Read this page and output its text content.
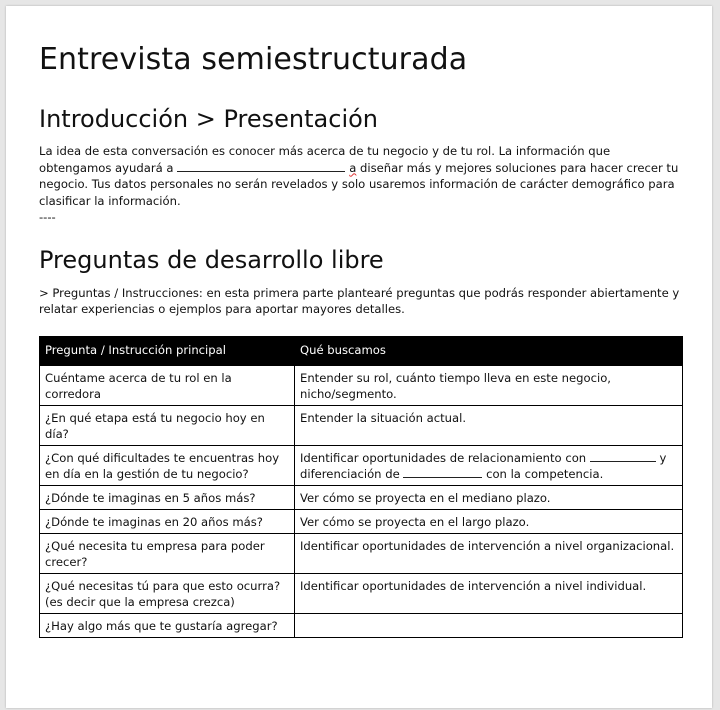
Entrevista semiestructurada
Introducción > Presentación

La idea de esta conversación es conocer más acerca de tu negocio y de tu rol. La información que obtengamos ayudará a	a diseñar más y mejores soluciones para hacer crecer tu negocio. Tus datos personales no serán revelados y solo usaremos información de carácter demográfico para clasificar la información.
----

Preguntas de desarrollo libre

> Preguntas / Instrucciones: en esta primera parte plantearé preguntas que podrás responder abiertamente y relatar experiencias o ejemplos para aportar mayores detalles.

Pregunta / Instrucción principal	Qué buscamos
Cuéntame acerca de tu rol en la corredora	Entender su rol, cuánto tiempo lleva en este negocio, nicho/segmento.
¿En qué etapa está tu negocio hoy en día?	Entender la situación actual.
¿Con qué dificultades te encuentras hoy en día en la gestión de tu negocio?	Identificar oportunidades de relacionamiento con y diferenciación de con la competencia.
¿Dónde te imaginas en 5 años más?	Ver cómo se proyecta en el mediano plazo.
¿Dónde te imaginas en 20 años más?	Ver cómo se proyecta en el largo plazo.
¿Qué necesita tu empresa para poder crecer?	Identificar oportunidades de intervención a nivel organizacional.
¿Qué necesitas tú para que esto ocurra? (es decir que la empresa crezca)	Identificar oportunidades de intervención a nivel individual.
¿Hay algo más que te gustaría agregar?	
